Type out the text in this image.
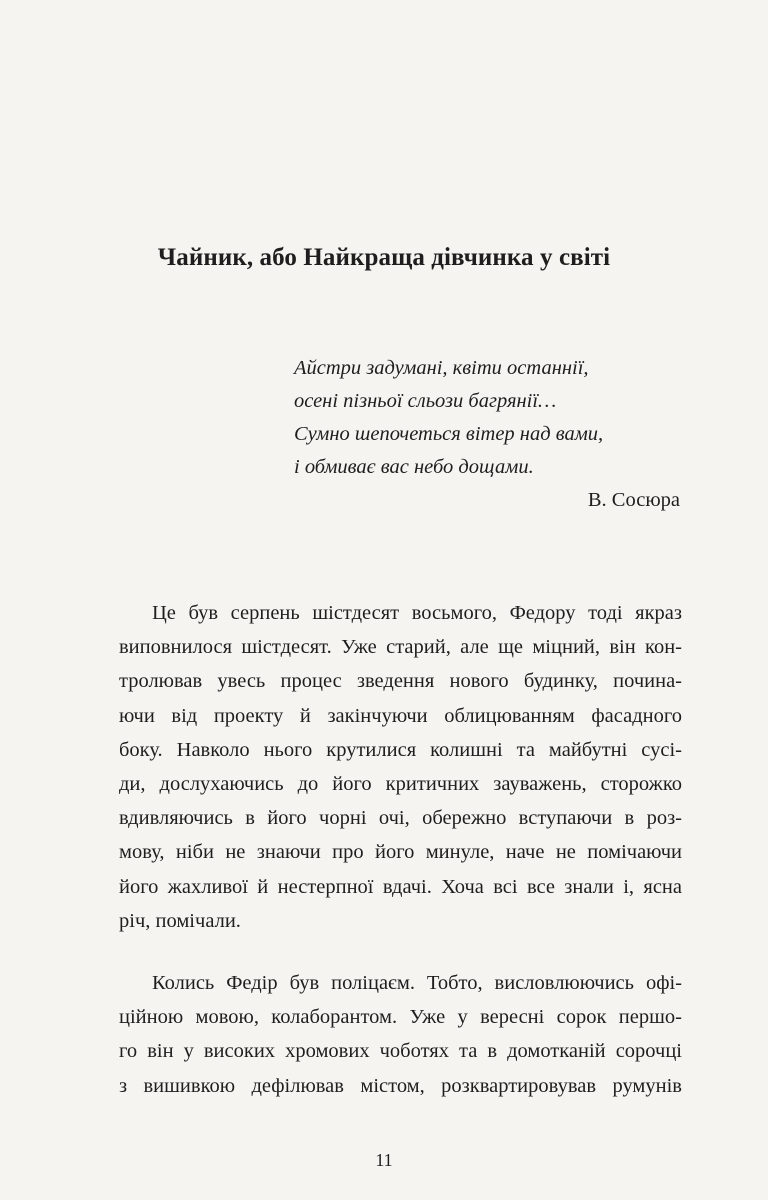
Чайник, або Найкраща дівчинка у світі
Айстри задумані, квіти останнії,
осені пізньої сльози багрянії…
Сумно шепочеться вітер над вами,
і обмиває вас небо дощами.
В. Сосюра
Це був серпень шістдесят восьмого, Федору тоді якраз
виповнилося шістдесят. Уже старий, але ще міцний, він кон-
тролював увесь процес зведення нового будинку, почина-
ючи від проекту й закінчуючи облицюванням фасадного
боку. Навколо нього крутилися колишні та майбутні сусі-
ди, дослухаючись до його критичних зауважень, сторожко
вдивляючись в його чорні очі, обережно вступаючи в роз-
мову, ніби не знаючи про його минуле, наче не помічаючи
його жахливої й нестерпної вдачі. Хоча всі все знали і, ясна
річ, помічали.
Колись Федір був поліцаєм. Тобто, висловлюючись офі-
ційною мовою, колаборантом. Уже у вересні сорок першо-
го він у високих хромових чоботях та в домотканій сорочці
з вишивкою дефілював містом, розквартировував румунів
11
